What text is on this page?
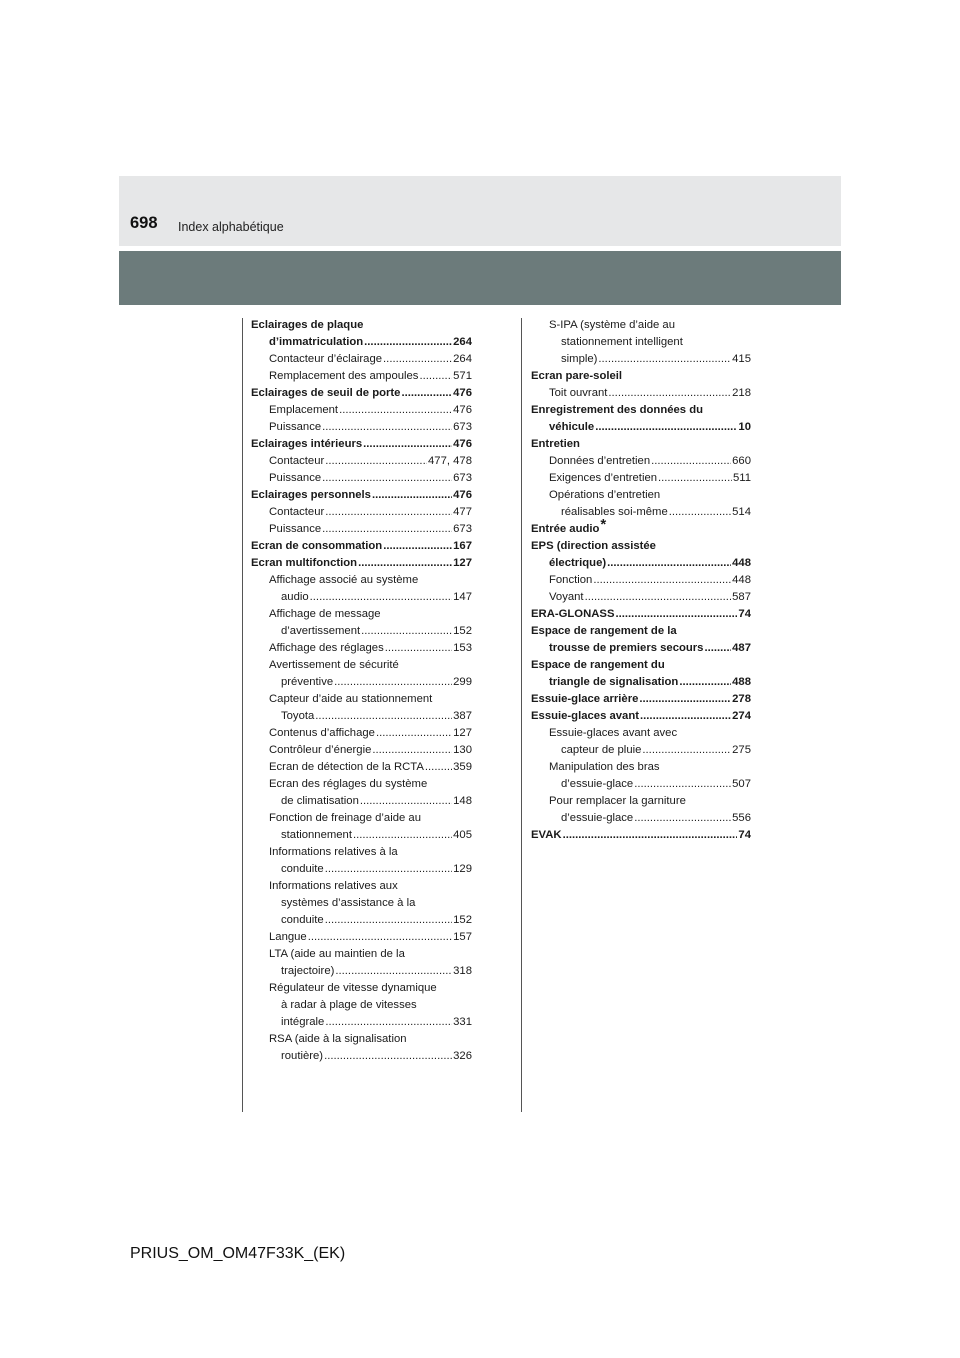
698 Index alphabétique
Eclairages de plaque
d’immatriculation .....	264
Contacteur d’éclairage .....	264
Remplacement des ampoules .....	571
Eclairages de seuil de porte .....	476
Emplacement .....	476
Puissance .....	673
Eclairages intérieurs .....	476
Contacteur .....	477, 478
Puissance .....	673
Eclairages personnels .....	476
Contacteur .....	477
Puissance .....	673
Ecran de consommation .....	167
Ecran multifonction .....	127
Affichage associé au système
audio .....	147
Affichage de message
d’avertissement .....	152
Affichage des réglages .....	153
Avertissement de sécurité
préventive .....	299
Capteur d’aide au stationnement
Toyota .....	387
Contenus d’affichage .....	127
Contrôleur d’énergie .....	130
Ecran de détection de la RCTA .....	359
Ecran des réglages du système
de climatisation .....	148
Fonction de freinage d’aide au
stationnement .....	405
Informations relatives à la
conduite .....	129
Informations relatives aux
systèmes d’assistance à la
conduite .....	152
Langue .....	157
LTA (aide au maintien de la
trajectoire) .....	318
Régulateur de vitesse dynamique
à radar à plage de vitesses
intégrale .....	331
RSA (aide à la signalisation
routière) .....	326
S-IPA (système d’aide au
stationnement intelligent
simple) .....	415
Ecran pare-soleil
Toit ouvrant .....	218
Enregistrement des données du
véhicule .....	10
Entretien
Données d’entretien .....	660
Exigences d’entretien .....	511
Opérations d’entretien
réalisables soi-même .....	514
Entrée audio*
EPS (direction assistée
électrique) .....	448
Fonction .....	448
Voyant .....	587
ERA-GLONASS .....	74
Espace de rangement de la
trousse de premiers secours .....	487
Espace de rangement du
triangle de signalisation .....	488
Essuie-glace arrière .....	278
Essuie-glaces avant .....	274
Essuie-glaces avant avec
capteur de pluie .....	275
Manipulation des bras
d’essuie-glace .....	507
Pour remplacer la garniture
d’essuie-glace .....	556
EVAK .....	74
PRIUS_OM_OM47F33K_(EK)
